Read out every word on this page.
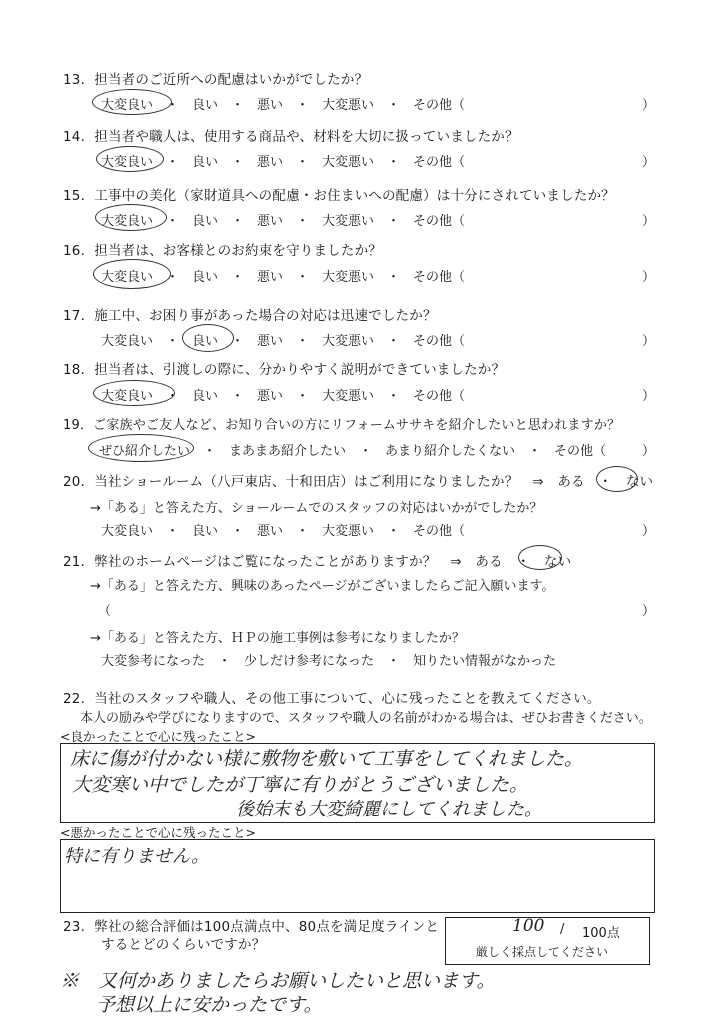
13．担当者のご近所への配慮はいかがでしたか？
大変良い　・　良い　・　悪い　・　大変悪い　・　その他（	）
14．担当者や職人は、使用する商品や、材料を大切に扱っていましたか？
大変良い　・　良い　・　悪い　・　大変悪い　・　その他（	）
15．工事中の美化（家財道具への配慮・お住まいへの配慮）は十分にされていましたか？
大変良い　・　良い　・　悪い　・　大変悪い　・　その他（	）
16．担当者は、お客様とのお約束を守りましたか？
大変良い　・　良い　・　悪い　・　大変悪い　・　その他（	）
17．施工中、お困り事があった場合の対応は迅速でしたか？
大変良い　・　良い　・　悪い　・　大変悪い　・　その他（	）
18．担当者は、引渡しの際に、分かりやすく説明ができていましたか？
大変良い　・　良い　・　悪い　・　大変悪い　・　その他（	）
19．ご家族やご友人など、お知り合いの方にリフォームササキを紹介したいと思われますか？
ぜひ紹介したい　・　まあまあ紹介したい　・　あまり紹介したくない　・　その他（	）
20．当社ショールーム（八戸東店、十和田店）はご利用になりましたか？　⇒　ある　・　ない
→「ある」と答えた方、ショールームでのスタッフの対応はいかがでしたか？
大変良い　・　良い　・　悪い　・　大変悪い　・　その他（	）
21．弊社のホームページはご覧になったことがありますか？　⇒　ある　・　ない
→「ある」と答えた方、興味のあったページがございましたらご記入願います。
（	）
→「ある」と答えた方、ＨＰの施工事例は参考になりましたか？
大変参考になった　・　少しだけ参考になった　・　知りたい情報がなかった
22．当社のスタッフや職人、その他工事について、心に残ったことを教えてください。
本人の励みや学びになりますので、スタッフや職人の名前がわかる場合は、ぜひお書きください。
<良かったことで心に残ったこと>
床に傷が付かない様に敷物を敷いて工事をしてくれました。
大変寒い中でしたが丁寧に有りがとうございました。
後始末も大変綺麗にしてくれました。
<悪かったことで心に残ったこと>
特に有りません。
23．弊社の総合評価は100点満点中、80点を満足度ラインと
するとどのくらいですか？
100 / 100点
厳しく採点してください
※　又何かありましたらお願いしたいと思います。
予想以上に安かったです。
